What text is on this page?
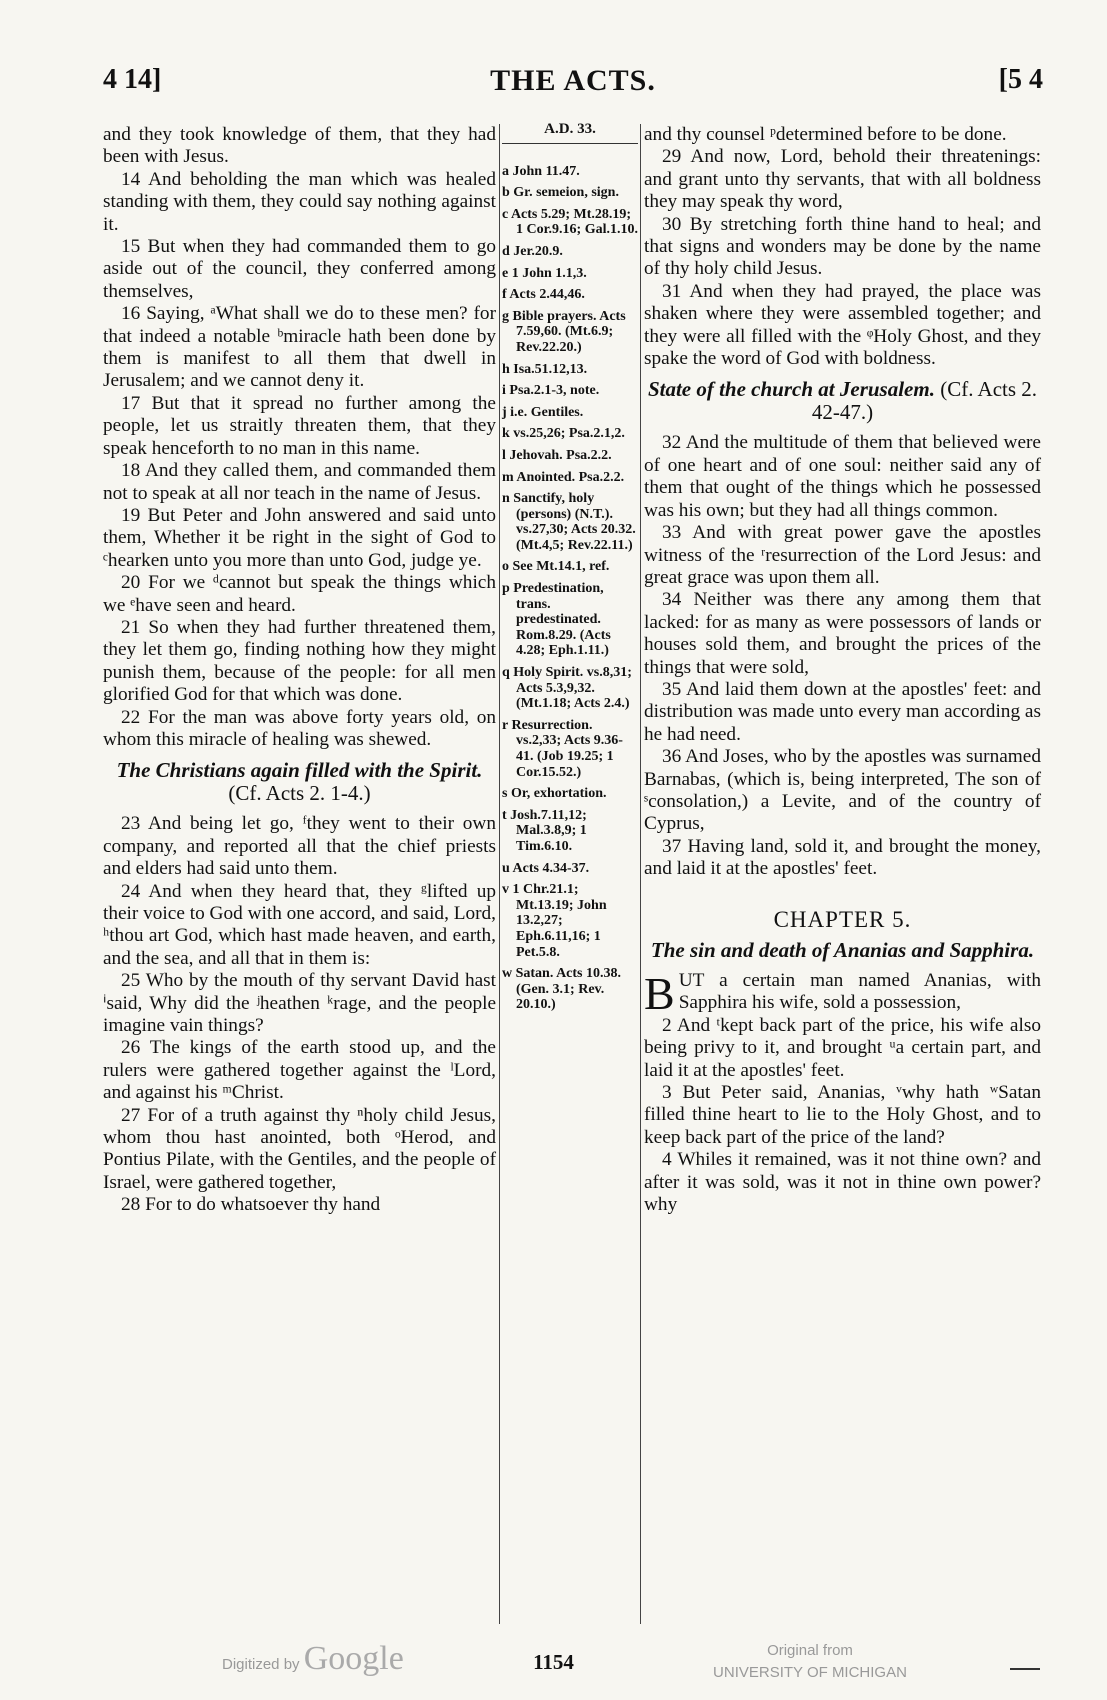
4 14]	THE ACTS.	[5 4

and they took knowledge of them, that they had been with Jesus.

14 And beholding the man which was healed standing with them, they could say nothing against it.

15 But when they had commanded them to go aside out of the council, they conferred among themselves,

16 Saying, ᵃWhat shall we do to these men? for that indeed a notable ᵇmiracle hath been done by them is manifest to all them that dwell in Jerusalem; and we cannot deny it.

17 But that it spread no further among the people, let us straitly threaten them, that they speak henceforth to no man in this name.

18 And they called them, and commanded them not to speak at all nor teach in the name of Jesus.

19 But Peter and John answered and said unto them, Whether it be right in the sight of God to ᶜhearken unto you more than unto God, judge ye.

20 For we ᵈcannot but speak the things which we ᵉhave seen and heard.

21 So when they had further threatened them, they let them go, finding nothing how they might punish them, because of the people: for all men glorified God for that which was done.

22 For the man was above forty years old, on whom this miracle of healing was shewed.

The Christians again filled with the Spirit. (Cf. Acts 2. 1-4.)

23 And being let go, ᶠthey went to their own company, and reported all that the chief priests and elders had said unto them.

24 And when they heard that, they ᵍlifted up their voice to God with one accord, and said, Lord, ʰthou art God, which hast made heaven, and earth, and the sea, and all that in them is:

25 Who by the mouth of thy servant David hast ⁱsaid, Why did the ʲheathen ᵏrage, and the people imagine vain things?

26 The kings of the earth stood up, and the rulers were gathered together against the ˡLord, and against his ᵐChrist.

27 For of a truth against thy ⁿholy child Jesus, whom thou hast anointed, both ᵒHerod, and Pontius Pilate, with the Gentiles, and the people of Israel, were gathered together,

28 For to do whatsoever thy hand

A.D. 33.
a John 11.47.
b Gr. semeion, sign.
c Acts 5.29; Mt.28.19; 1 Cor.9.16; Gal.1.10.
d Jer.20.9.
e 1 John 1.1,3.
f Acts 2.44,46.
g Bible prayers. Acts 7.59,60. (Mt.6.9; Rev.22.20.)
h Isa.51.12,13.
i Psa.2.1-3, note.
j i.e. Gentiles.
k vs.25,26; Psa.2.1,2.
l Jehovah. Psa.2.2.
m Anointed. Psa.2.2.
n Sanctify, holy (persons) (N.T.). vs.27,30; Acts 20.32. (Mt.4,5; Rev.22.11.)
o See Mt.14.1, ref.
p Predestination, trans. predestinated. Rom.8.29. (Acts 4.28; Eph.1.11.)
q Holy Spirit. vs.8,31; Acts 5.3,9,32. (Mt.1.18; Acts 2.4.)
r Resurrection. vs.2,33; Acts 9.36-41. (Job 19.25; 1 Cor.15.52.)
s Or, exhortation.
t Josh.7.11,12; Mal.3.8,9; 1 Tim.6.10.
u Acts 4.34-37.
v 1 Chr.21.1; Mt.13.19; John 13.2,27; Eph.6.11,16; 1 Pet.5.8.
w Satan. Acts 10.38. (Gen. 3.1; Rev. 20.10.)

and thy counsel ᵖdetermined before to be done.

29 And now, Lord, behold their threatenings: and grant unto thy servants, that with all boldness they may speak thy word,

30 By stretching forth thine hand to heal; and that signs and wonders may be done by the name of thy holy child Jesus.

31 And when they had prayed, the place was shaken where they were assembled together; and they were all filled with the ᵠHoly Ghost, and they spake the word of God with boldness.

State of the church at Jerusalem. (Cf. Acts 2. 42-47.)

32 And the multitude of them that believed were of one heart and of one soul: neither said any of them that ought of the things which he possessed was his own; but they had all things common.

33 And with great power gave the apostles witness of the ʳresurrection of the Lord Jesus: and great grace was upon them all.

34 Neither was there any among them that lacked: for as many as were possessors of lands or houses sold them, and brought the prices of the things that were sold,

35 And laid them down at the apostles' feet: and distribution was made unto every man according as he had need.

36 And Joses, who by the apostles was surnamed Barnabas, (which is, being interpreted, The son of ˢconsolation,) a Levite, and of the country of Cyprus,

37 Having land, sold it, and brought the money, and laid it at the apostles' feet.

CHAPTER 5.
The sin and death of Ananias and Sapphira.

BUT a certain man named Ananias, with Sapphira his wife, sold a possession,

2 And ᵗkept back part of the price, his wife also being privy to it, and brought ᵘa certain part, and laid it at the apostles' feet.

3 But Peter said, Ananias, ᵛwhy hath ʷSatan filled thine heart to lie to the Holy Ghost, and to keep back part of the price of the land?

4 Whiles it remained, was it not thine own? and after it was sold, was it not in thine own power? why

1154
Digitized by Google	Original from
UNIVERSITY OF MICHIGAN
